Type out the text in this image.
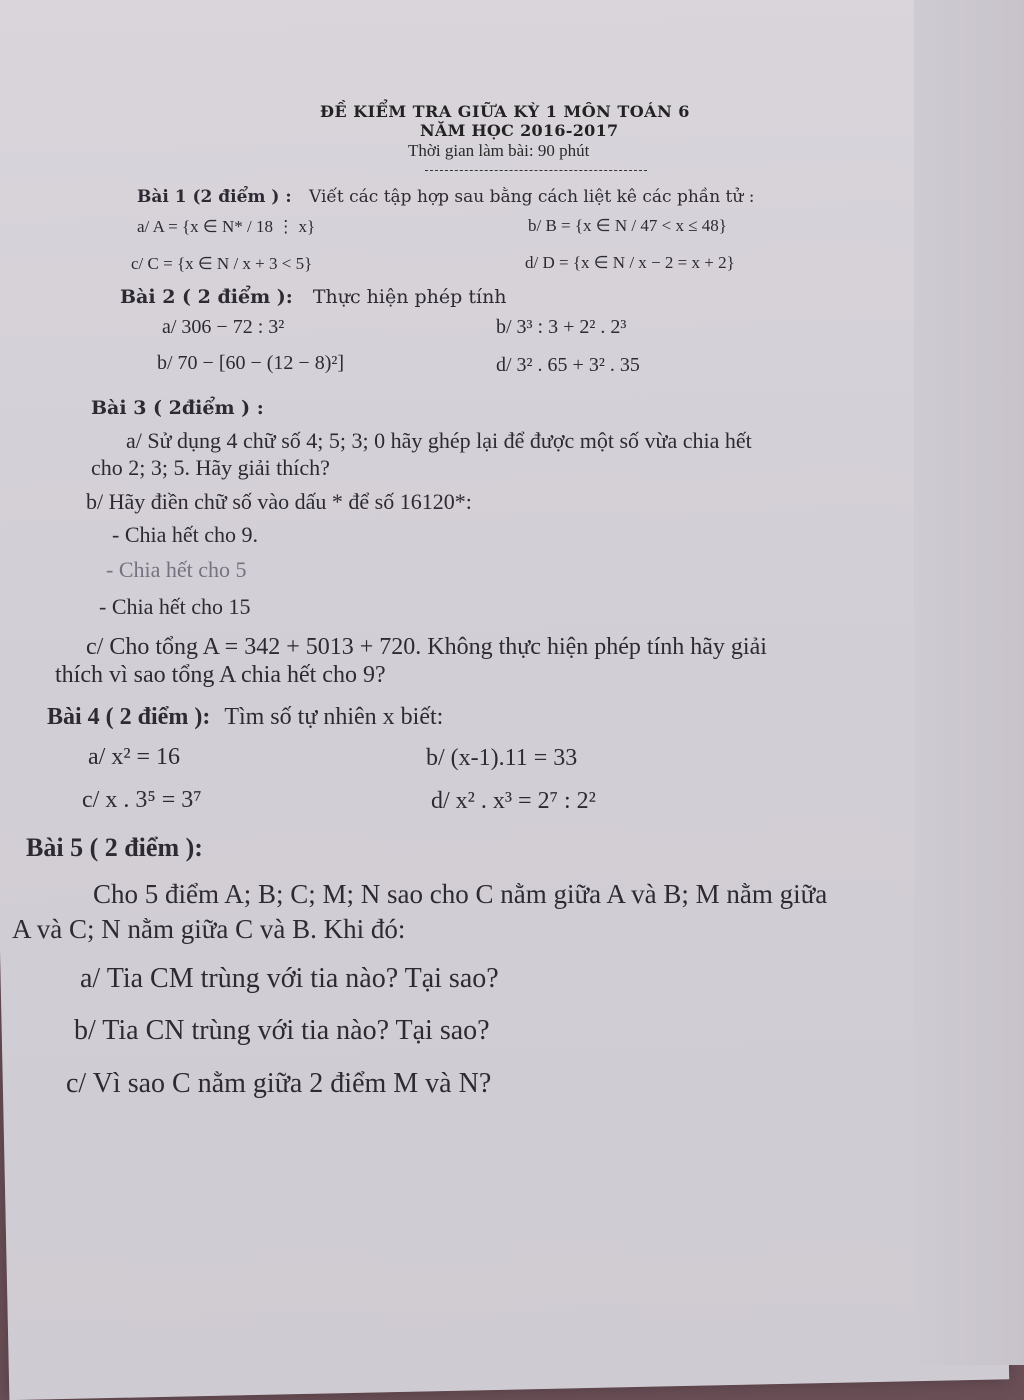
ĐỀ KIỂM TRA GIỮA KỲ 1 MÔN TOÁN 6
NĂM HỌC 2016-2017
Thời gian làm bài: 90 phút
Bài 1 (2 điểm ) : Viết các tập hợp sau bằng cách liệt kê các phần tử :
a/ A = {x ∈ N* / 18 ⋮ x}	b/ B = {x ∈ N / 47 < x ≤ 48}
c/ C = {x ∈ N / x + 3 < 5}	d/ D = {x ∈ N / x − 2 = x + 2}
Bài 2 ( 2 điểm ): Thực hiện phép tính
a/ 306 − 72 : 3²	b/ 3³ : 3 + 2² . 2³
b/ 70 − [60 − (12 − 8)²]	d/ 3² . 65 + 3² . 35
Bài 3 ( 2điểm ) :
a/ Sử dụng 4 chữ số 4; 5; 3; 0 hãy ghép lại để được một số vừa chia hết
cho 2; 3; 5. Hãy giải thích?
b/ Hãy điền chữ số vào dấu * để số 16120*:
- Chia hết cho 9.
- Chia hết cho 5
- Chia hết cho 15
c/ Cho tổng A = 342 + 5013 + 720. Không thực hiện phép tính hãy giải
thích vì sao tổng A chia hết cho 9?
Bài 4 ( 2 điểm ): Tìm số tự nhiên x biết:
a/ x² = 16	b/ (x-1).11 = 33
c/ x . 3⁵ = 3⁷	d/ x² . x³ = 2⁷ : 2²
Bài 5 ( 2 điểm ):
Cho 5 điểm A; B; C; M; N sao cho C nằm giữa A và B; M nằm giữa
A và C; N nằm giữa C và B. Khi đó:
a/ Tia CM trùng với tia nào? Tại sao?
b/ Tia CN trùng với tia nào? Tại sao?
c/ Vì sao C nằm giữa 2 điểm M và N?
